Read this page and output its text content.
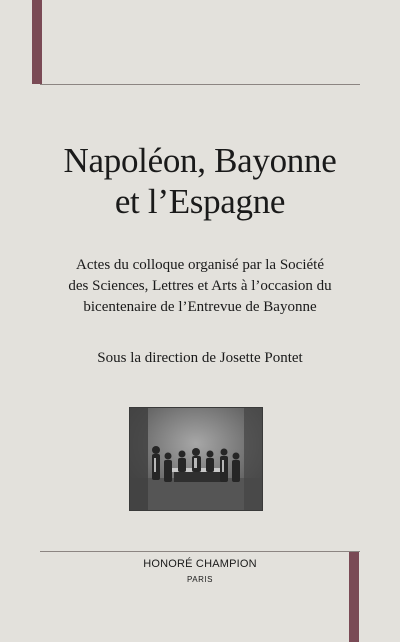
Napoléon, Bayonne
et l’Espagne
Actes du colloque organisé par la Société
des Sciences, Lettres et Arts à l’occasion du
bicentenaire de l’Entrevue de Bayonne
Sous la direction de Josette Pontet
HONORÉ CHAMPION
PARIS
